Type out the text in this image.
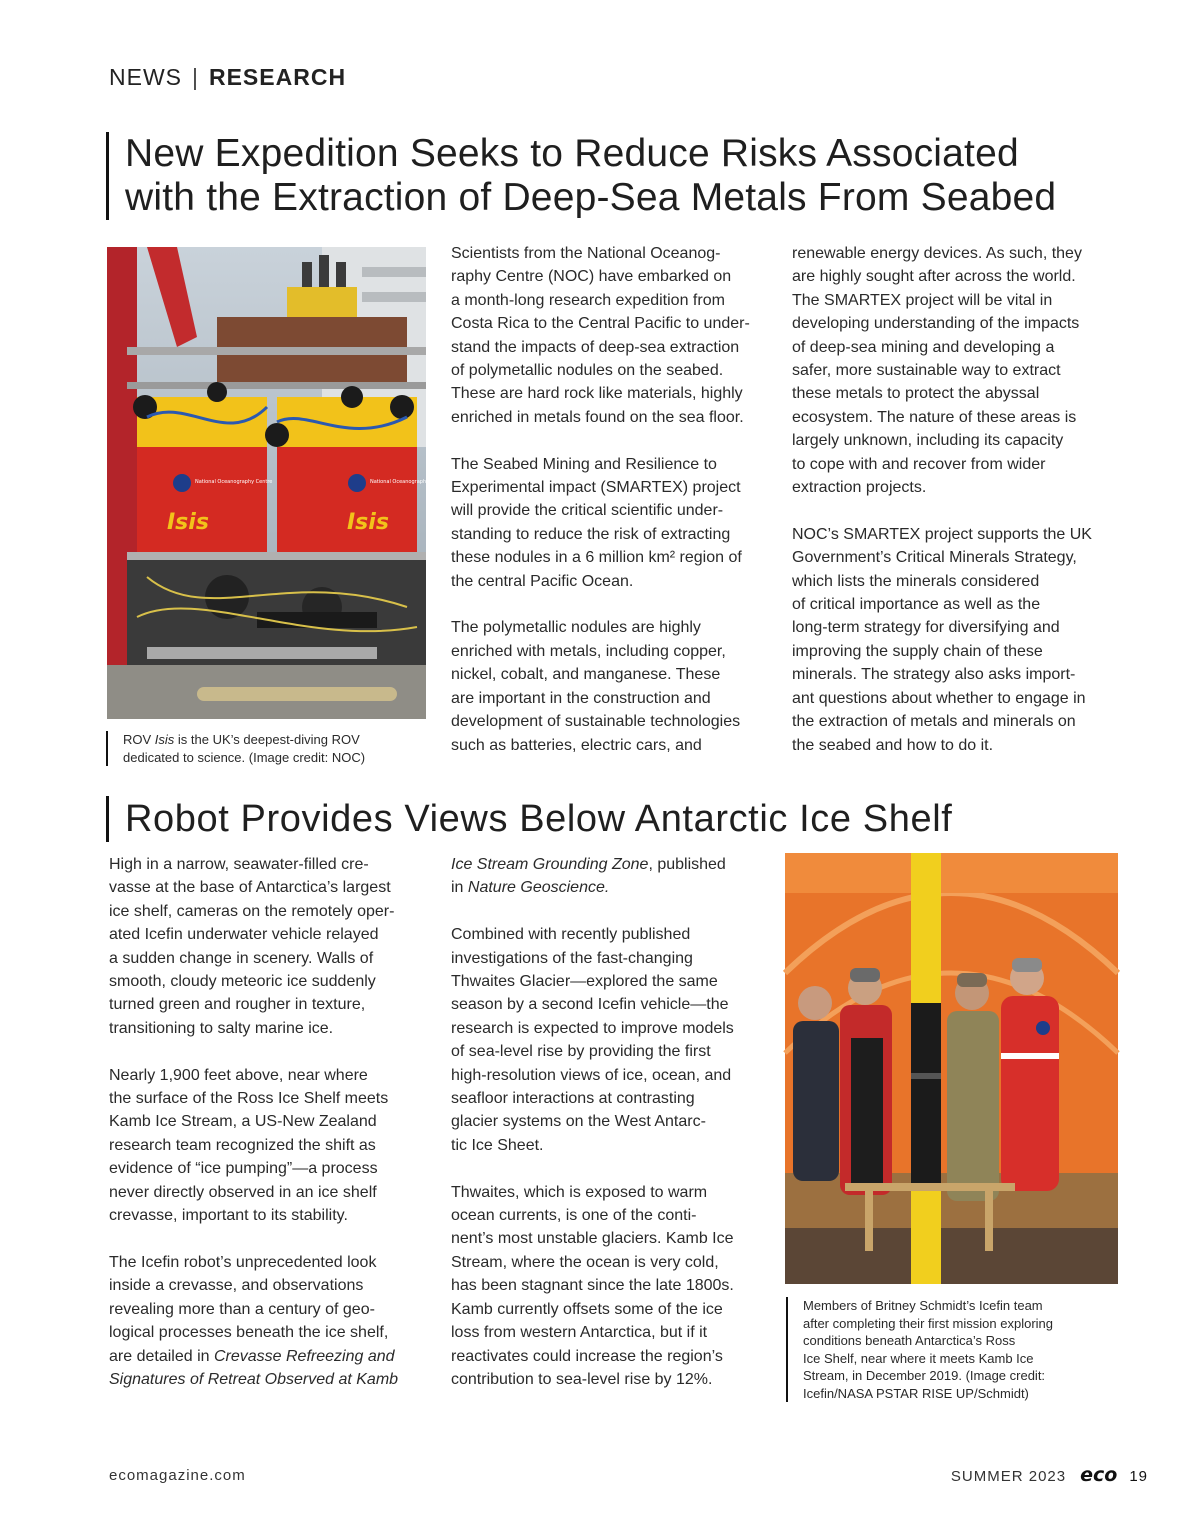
NEWS | RESEARCH
New Expedition Seeks to Reduce Risks Associated
with the Extraction of Deep-Sea Metals From Seabed
Isis	Isis
National Oceanography Centre	National Oceanography Centre
ROV Isis is the UK’s deepest-diving ROV
dedicated to science. (Image credit: NOC)

Scientists from the National Oceanog-
raphy Centre (NOC) have embarked on
a month-long research expedition from
Costa Rica to the Central Pacific to under-
stand the impacts of deep-sea extraction
of polymetallic nodules on the seabed.
These are hard rock like materials, highly
enriched in metals found on the sea floor.

The Seabed Mining and Resilience to
Experimental impact (SMARTEX) project
will provide the critical scientific under-
standing to reduce the risk of extracting
these nodules in a 6 million km² region of
the central Pacific Ocean.

The polymetallic nodules are highly
enriched with metals, including copper,
nickel, cobalt, and manganese. These
are important in the construction and
development of sustainable technologies
such as batteries, electric cars, and

renewable energy devices. As such, they
are highly sought after across the world.
The SMARTEX project will be vital in
developing understanding of the impacts
of deep-sea mining and developing a
safer, more sustainable way to extract
these metals to protect the abyssal
ecosystem. The nature of these areas is
largely unknown, including its capacity
to cope with and recover from wider
extraction projects.

NOC’s SMARTEX project supports the UK
Government’s Critical Minerals Strategy,
which lists the minerals considered
of critical importance as well as the
long-term strategy for diversifying and
improving the supply chain of these
minerals. The strategy also asks import-
ant questions about whether to engage in
the extraction of metals and minerals on
the seabed and how to do it.

Robot Provides Views Below Antarctic Ice Shelf

High in a narrow, seawater-filled cre-
vasse at the base of Antarctica’s largest
ice shelf, cameras on the remotely oper-
ated Icefin underwater vehicle relayed
a sudden change in scenery. Walls of
smooth, cloudy meteoric ice suddenly
turned green and rougher in texture,
transitioning to salty marine ice.

Nearly 1,900 feet above, near where
the surface of the Ross Ice Shelf meets
Kamb Ice Stream, a US-New Zealand
research team recognized the shift as
evidence of “ice pumping”—a process
never directly observed in an ice shelf
crevasse, important to its stability.

The Icefin robot’s unprecedented look
inside a crevasse, and observations
revealing more than a century of geo-
logical processes beneath the ice shelf,
are detailed in Crevasse Refreezing and
Signatures of Retreat Observed at Kamb

Ice Stream Grounding Zone, published
in Nature Geoscience.

Combined with recently published
investigations of the fast-changing
Thwaites Glacier—explored the same
season by a second Icefin vehicle—the
research is expected to improve models
of sea-level rise by providing the first
high-resolution views of ice, ocean, and
seafloor interactions at contrasting
glacier systems on the West Antarc-
tic Ice Sheet.

Thwaites, which is exposed to warm
ocean currents, is one of the conti-
nent’s most unstable glaciers. Kamb Ice
Stream, where the ocean is very cold,
has been stagnant since the late 1800s.
Kamb currently offsets some of the ice
loss from western Antarctica, but if it
reactivates could increase the region’s
contribution to sea-level rise by 12%.

Members of Britney Schmidt’s Icefin team
after completing their first mission exploring
conditions beneath Antarctica’s Ross
Ice Shelf, near where it meets Kamb Ice
Stream, in December 2019. (Image credit:
Icefin/NASA PSTAR RISE UP/Schmidt)
ecomagazine.com	SUMMER 2023 eco 19
